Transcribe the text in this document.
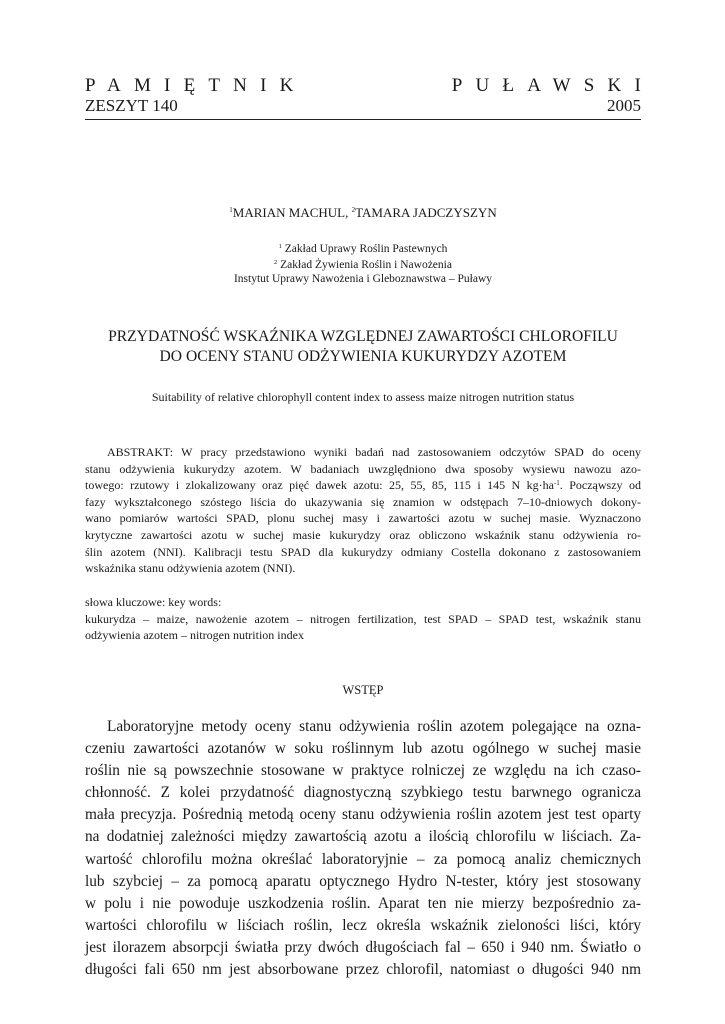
PAMIĘTNIK	PUŁAWSKI
ZESZYT 140	2005
$^1$MARIAN MACHUL, $^2$TAMARA JADCZYSZYN
$^1$ Zakład Uprawy Roślin Pastewnych
$^2$ Zakład Żywienia Roślin i Nawożenia
Instytut Uprawy Nawożenia i Gleboznawstwa – Puławy
PRZYDATNOŚĆ WSKAŹNIKA WZGLĘDNEJ ZAWARTOŚCI CHLOROFILU
DO OCENY STANU ODŻYWIENIA KUKURYDZY AZOTEM
Suitability of relative chlorophyll content index to assess maize nitrogen nutrition status
ABSTRAKT: W pracy przedstawiono wyniki badań nad zastosowaniem odczytów SPAD do oceny
stanu odżywienia kukurydzy azotem. W badaniach uwzględniono dwa sposoby wysiewu nawozu azo-
towego: rzutowy i zlokalizowany oraz pięć dawek azotu: 25, 55, 85, 115 i 145 N $kg\cdot ha^{-1}$. Począwszy od
fazy wykształconego szóstego liścia do ukazywania się znamion w odstępach 7–10-dniowych dokony-
wano pomiarów wartości SPAD, plonu suchej masy i zawartości azotu w suchej masie. Wyznaczono
krytyczne zawartości azotu w suchej masie kukurydzy oraz obliczono wskaźnik stanu odżywienia ro-
ślin azotem (NNI). Kalibracji testu SPAD dla kukurydzy odmiany Costella dokonano z zastosowaniem
wskaźnika stanu odżywienia azotem (NNI).
słowa kluczowe: key words:
kukurydza – maize, nawożenie azotem – nitrogen fertilization, test SPAD – SPAD test, wskaźnik stanu
odżywienia azotem – nitrogen nutrition index
WSTĘP
Laboratoryjne metody oceny stanu odżywienia roślin azotem polegające na ozna-
czeniu zawartości azotanów w soku roślinnym lub azotu ogólnego w suchej masie
roślin nie są powszechnie stosowane w praktyce rolniczej ze względu na ich czaso-
chłonność. Z kolei przydatność diagnostyczną szybkiego testu barwnego ogranicza
mała precyzja. Pośrednią metodą oceny stanu odżywienia roślin azotem jest test oparty
na dodatniej zależności między zawartością azotu a ilością chlorofilu w liściach. Za-
wartość chlorofilu można określać laboratoryjnie – za pomocą analiz chemicznych
lub szybciej – za pomocą aparatu optycznego Hydro N-tester, który jest stosowany
w polu i nie powoduje uszkodzenia roślin. Aparat ten nie mierzy bezpośrednio za-
wartości chlorofilu w liściach roślin, lecz określa wskaźnik zieloności liści, który
jest ilorazem absorpcji światła przy dwóch długościach fal – 650 i 940 nm. Światło o
długości fali 650 nm jest absorbowane przez chlorofil, natomiast o długości 940 nm
